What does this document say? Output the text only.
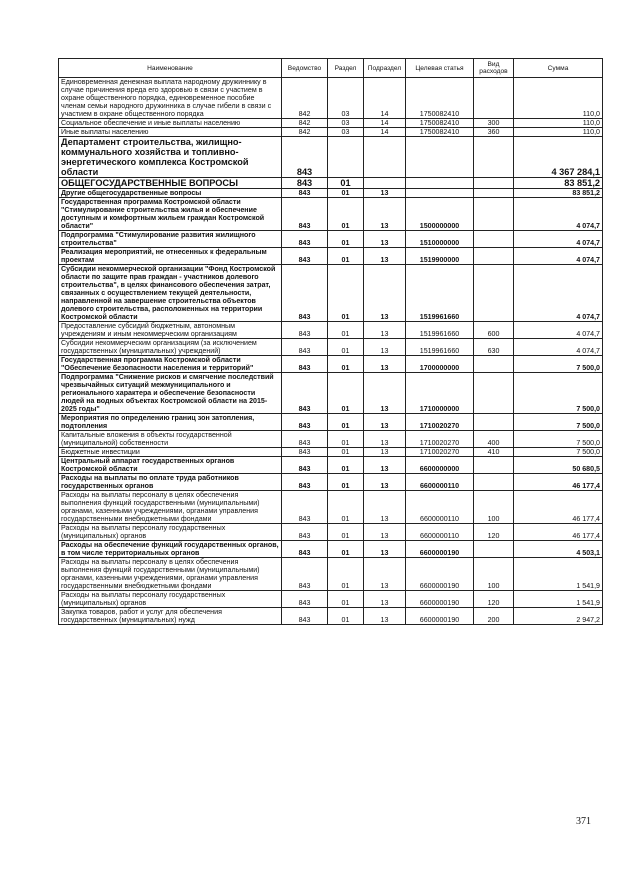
Наименование	Ведомство	Раздел	Подраздел	Целевая статья	Вид расходов	Сумма
Единовременная денежная выплата народному дружиннику в случае причинения вреда его здоровью в связи с участием в охране общественного порядка, единовременное пособие членам семьи народного дружинника в случае гибели в связи с участием в охране общественного порядка	842	03	14	1750082410		110,0
Социальное обеспечение и иные выплаты населению	842	03	14	1750082410	300	110,0
Иные выплаты населению	842	03	14	1750082410	360	110,0
Департамент строительства, жилищно-коммунального хозяйства и топливно-энергетического комплекса Костромской области	843					4 367 284,1
ОБЩЕГОСУДАРСТВЕННЫЕ ВОПРОСЫ	843	01				83 851,2
Другие общегосударственные вопросы	843	01	13			83 851,2
Государственная программа Костромской области "Стимулирование строительства жилья и обеспечение доступным и комфортным жильем граждан Костромской области"	843	01	13	1500000000		4 074,7
Подпрограмма "Стимулирование развития жилищного строительства"	843	01	13	1510000000		4 074,7
Реализация мероприятий, не отнесенных к федеральным проектам	843	01	13	1519900000		4 074,7
Субсидии некоммерческой организации "Фонд Костромской области по защите прав граждан - участников долевого строительства", в целях финансового обеспечения затрат, связанных с осуществлением текущей деятельности, направленной на завершение строительства объектов долевого строительства, расположенных на территории Костромской области	843	01	13	1519961660		4 074,7
Предоставление субсидий бюджетным, автономным учреждениям и иным некоммерческим организациям	843	01	13	1519961660	600	4 074,7
Субсидии некоммерческим организациям (за исключением государственных (муниципальных) учреждений)	843	01	13	1519961660	630	4 074,7
Государственная программа Костромской области "Обеспечение безопасности населения и территорий"	843	01	13	1700000000		7 500,0
Подпрограмма "Снижение рисков и смягчение последствий чрезвычайных ситуаций межмуниципального и регионального характера и обеспечение безопасности людей на водных объектах Костромской области на 2015-2025 годы"	843	01	13	1710000000		7 500,0
Мероприятия по определению границ зон затопления, подтопления	843	01	13	1710020270		7 500,0
Капитальные вложения в объекты государственной (муниципальной) собственности	843	01	13	1710020270	400	7 500,0
Бюджетные инвестиции	843	01	13	1710020270	410	7 500,0
Центральный аппарат государственных органов Костромской области	843	01	13	6600000000		50 680,5
Расходы на выплаты по оплате труда работников государственных органов	843	01	13	6600000110		46 177,4
Расходы на выплаты персоналу в целях обеспечения выполнения функций государственными (муниципальными) органами, казенными учреждениями, органами управления государственными внебюджетными фондами	843	01	13	6600000110	100	46 177,4
Расходы на выплаты персоналу государственных (муниципальных) органов	843	01	13	6600000110	120	46 177,4
Расходы на обеспечение функций государственных органов, в том числе территориальных органов	843	01	13	6600000190		4 503,1
Расходы на выплаты персоналу в целях обеспечения выполнения функций государственными (муниципальными) органами, казенными учреждениями, органами управления государственными внебюджетными фондами	843	01	13	6600000190	100	1 541,9
Расходы на выплаты персоналу государственных (муниципальных) органов	843	01	13	6600000190	120	1 541,9
Закупка товаров, работ и услуг для обеспечения государственных (муниципальных) нужд	843	01	13	6600000190	200	2 947,2
371
